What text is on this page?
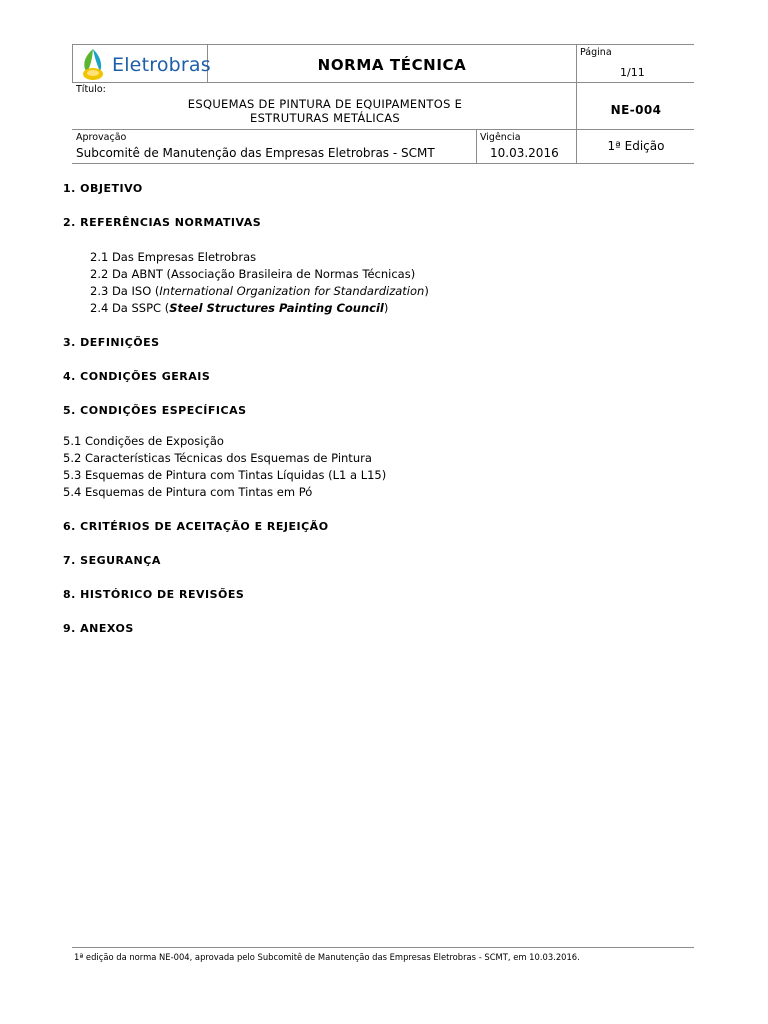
Eletrobras	NORMA TÉCNICA
Página
1/11
Título:
ESQUEMAS DE PINTURA DE EQUIPAMENTOS E
ESTRUTURAS METÁLICAS
NE-004
Aprovação
Subcomitê de Manutenção das Empresas Eletrobras - SCMT
Vigência
10.03.2016	1ª Edição
1. OBJETIVO
2. REFERÊNCIAS NORMATIVAS
2.1 Das Empresas Eletrobras
2.2 Da ABNT (Associação Brasileira de Normas Técnicas)
2.3 Da ISO (International Organization for Standardization)
2.4 Da SSPC (Steel Structures Painting Council)
3. DEFINIÇÕES
4. CONDIÇÕES GERAIS
5. CONDIÇÕES ESPECÍFICAS
5.1 Condições de Exposição
5.2 Características Técnicas dos Esquemas de Pintura
5.3 Esquemas de Pintura com Tintas Líquidas (L1 a L15)
5.4 Esquemas de Pintura com Tintas em Pó
6. CRITÉRIOS DE ACEITAÇÃO E REJEIÇÃO
7. SEGURANÇA
8. HISTÓRICO DE REVISÕES
9. ANEXOS
1ª edição da norma NE-004, aprovada pelo Subcomitê de Manutenção das Empresas Eletrobras - SCMT, em 10.03.2016.
